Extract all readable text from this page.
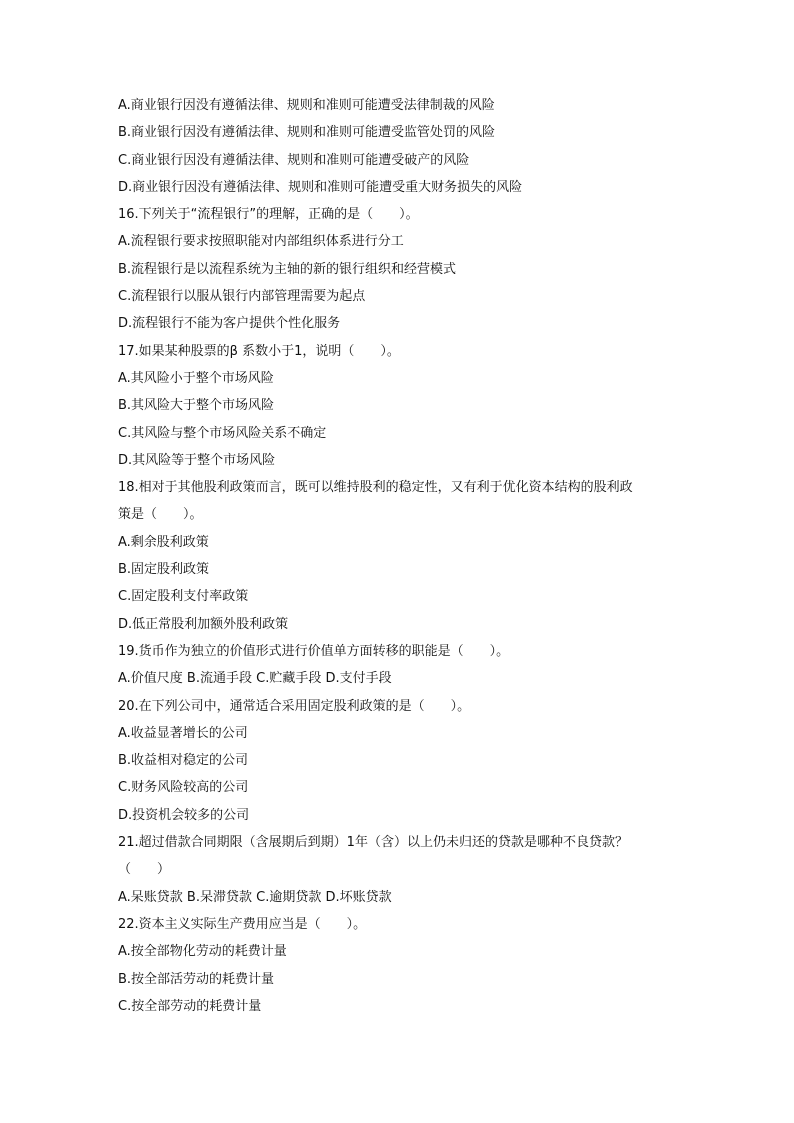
A.商业银行因没有遵循法律、规则和准则可能遭受法律制裁的风险
B.商业银行因没有遵循法律、规则和准则可能遭受监管处罚的风险
C.商业银行因没有遵循法律、规则和准则可能遭受破产的风险
D.商业银行因没有遵循法律、规则和准则可能遭受重大财务损失的风险
16.下列关于“流程银行”的理解，正确的是（　　）。
A.流程银行要求按照职能对内部组织体系进行分工
B.流程银行是以流程系统为主轴的新的银行组织和经营模式
C.流程银行以服从银行内部管理需要为起点
D.流程银行不能为客户提供个性化服务
17.如果某种股票的β 系数小于1，说明（　　）。
A.其风险小于整个市场风险
B.其风险大于整个市场风险
C.其风险与整个市场风险关系不确定
D.其风险等于整个市场风险
18.相对于其他股利政策而言，既可以维持股利的稳定性，又有利于优化资本结构的股利政
策是（　　）。
A.剩余股利政策
B.固定股利政策
C.固定股利支付率政策
D.低正常股利加额外股利政策
19.货币作为独立的价值形式进行价值单方面转移的职能是（　　）。
A.价值尺度 B.流通手段 C.贮藏手段 D.支付手段
20.在下列公司中，通常适合采用固定股利政策的是（　　）。
A.收益显著增长的公司
B.收益相对稳定的公司
C.财务风险较高的公司
D.投资机会较多的公司
21.超过借款合同期限（含展期后到期）1年（含）以上仍未归还的贷款是哪种不良贷款？
（　　）
A.呆账贷款 B.呆滞贷款 C.逾期贷款 D.坏账贷款
22.资本主义实际生产费用应当是（　　）。
A.按全部物化劳动的耗费计量
B.按全部活劳动的耗费计量
C.按全部劳动的耗费计量
